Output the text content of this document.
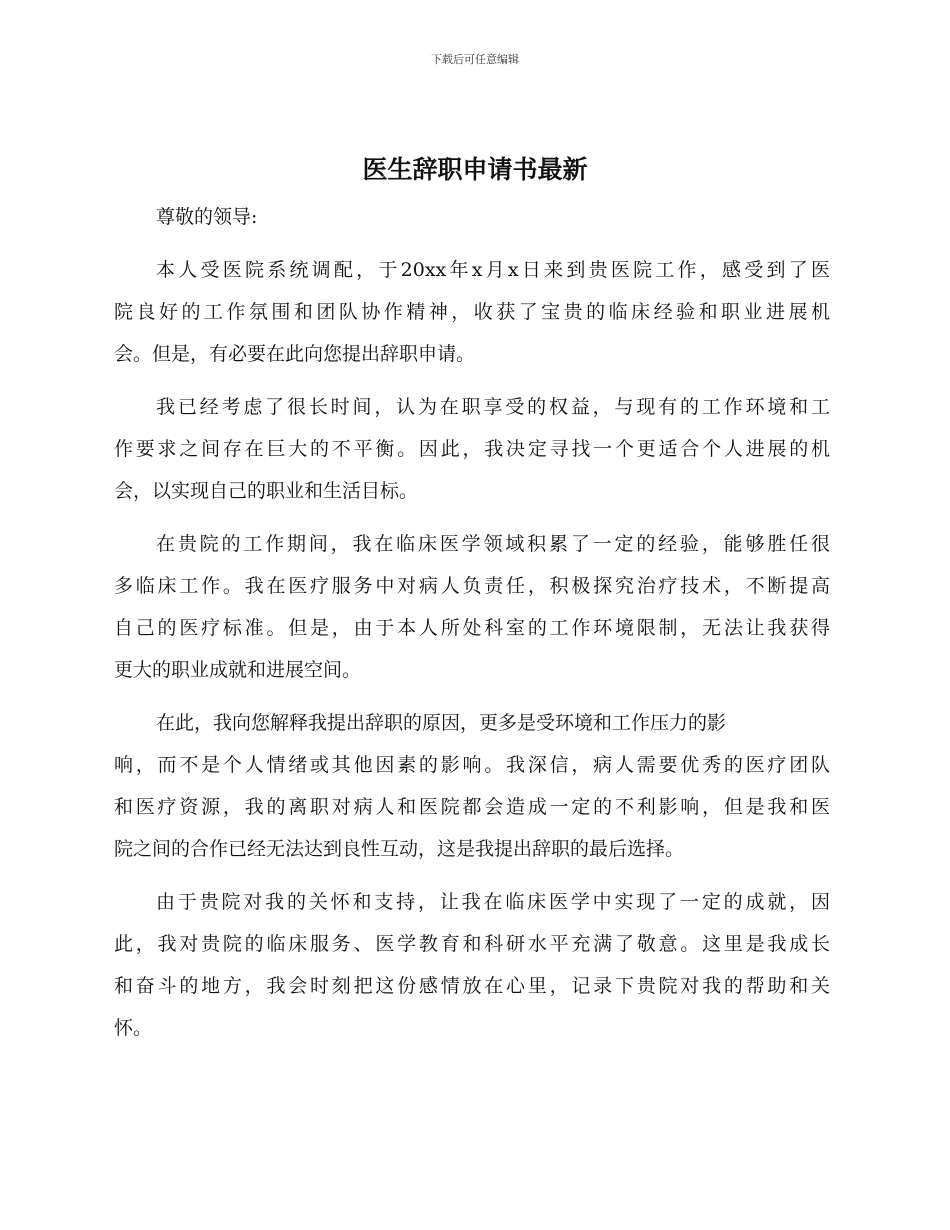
下载后可任意编辑
医生辞职申请书最新

尊敬的领导:

本人受医院系统调配，于20xx年x月x日来到贵医院工作，感受到了医
院良好的工作氛围和团队协作精神，收获了宝贵的临床经验和职业进展机
会。但是，有必要在此向您提出辞职申请。

我已经考虑了很长时间，认为在职享受的权益，与现有的工作环境和工
作要求之间存在巨大的不平衡。因此，我决定寻找一个更适合个人进展的机
会，以实现自己的职业和生活目标。

在贵院的工作期间，我在临床医学领域积累了一定的经验，能够胜任很
多临床工作。我在医疗服务中对病人负责任，积极探究治疗技术，不断提高
自己的医疗标准。但是，由于本人所处科室的工作环境限制，无法让我获得
更大的职业成就和进展空间。

在此，我向您解释我提出辞职的原因，更多是受环境和工作压力的影
响，而不是个人情绪或其他因素的影响。我深信，病人需要优秀的医疗团队
和医疗资源，我的离职对病人和医院都会造成一定的不利影响，但是我和医
院之间的合作已经无法达到良性互动，这是我提出辞职的最后选择。

由于贵院对我的关怀和支持，让我在临床医学中实现了一定的成就，因
此，我对贵院的临床服务、医学教育和科研水平充满了敬意。这里是我成长
和奋斗的地方，我会时刻把这份感情放在心里，记录下贵院对我的帮助和关
怀。
